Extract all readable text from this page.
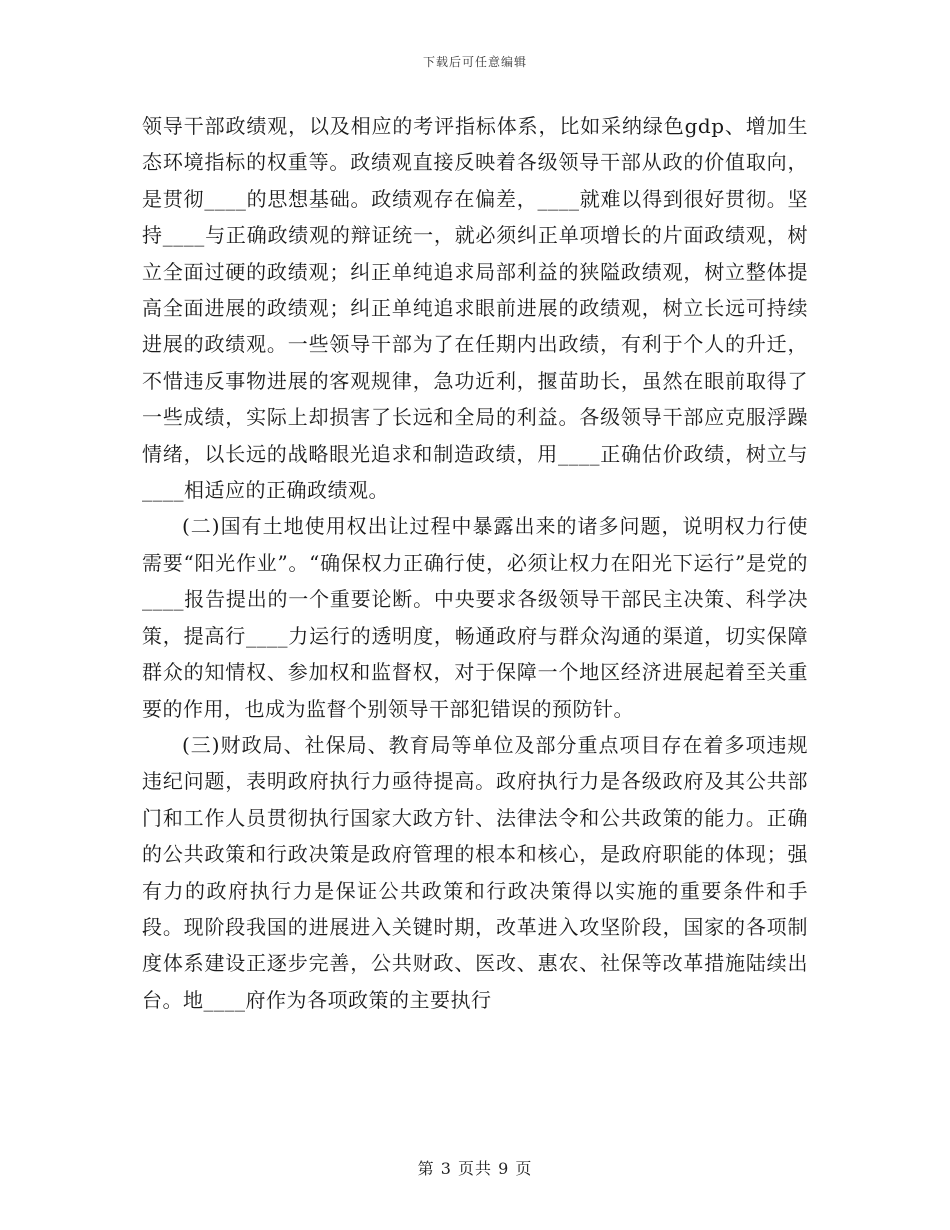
下载后可任意编辑

领导干部政绩观，以及相应的考评指标体系，比如采纳绿色gdp、增加生态环境指标的权重等。政绩观直接反映着各级领导干部从政的价值取向，是贯彻____的思想基础。政绩观存在偏差，____就难以得到很好贯彻。坚持____与正确政绩观的辩证统一，就必须纠正单项增长的片面政绩观，树立全面过硬的政绩观；纠正单纯追求局部利益的狭隘政绩观，树立整体提高全面进展的政绩观；纠正单纯追求眼前进展的政绩观，树立长远可持续进展的政绩观。一些领导干部为了在任期内出政绩，有利于个人的升迁，不惜违反事物进展的客观规律，急功近利，揠苗助长，虽然在眼前取得了一些成绩，实际上却损害了长远和全局的利益。各级领导干部应克服浮躁情绪，以长远的战略眼光追求和制造政绩，用____正确估价政绩，树立与____相适应的正确政绩观。

(二)国有土地使用权出让过程中暴露出来的诸多问题，说明权力行使需要“阳光作业”。“确保权力正确行使，必须让权力在阳光下运行”是党的____报告提出的一个重要论断。中央要求各级领导干部民主决策、科学决策，提高行____力运行的透明度，畅通政府与群众沟通的渠道，切实保障群众的知情权、参加权和监督权，对于保障一个地区经济进展起着至关重要的作用，也成为监督个别领导干部犯错误的预防针。

(三)财政局、社保局、教育局等单位及部分重点项目存在着多项违规违纪问题，表明政府执行力亟待提高。政府执行力是各级政府及其公共部门和工作人员贯彻执行国家大政方针、法律法令和公共政策的能力。正确的公共政策和行政决策是政府管理的根本和核心，是政府职能的体现；强有力的政府执行力是保证公共政策和行政决策得以实施的重要条件和手段。现阶段我国的进展进入关键时期，改革进入攻坚阶段，国家的各项制度体系建设正逐步完善，公共财政、医改、惠农、社保等改革措施陆续出台。地____府作为各项政策的主要执行

第 3 页共 9 页
